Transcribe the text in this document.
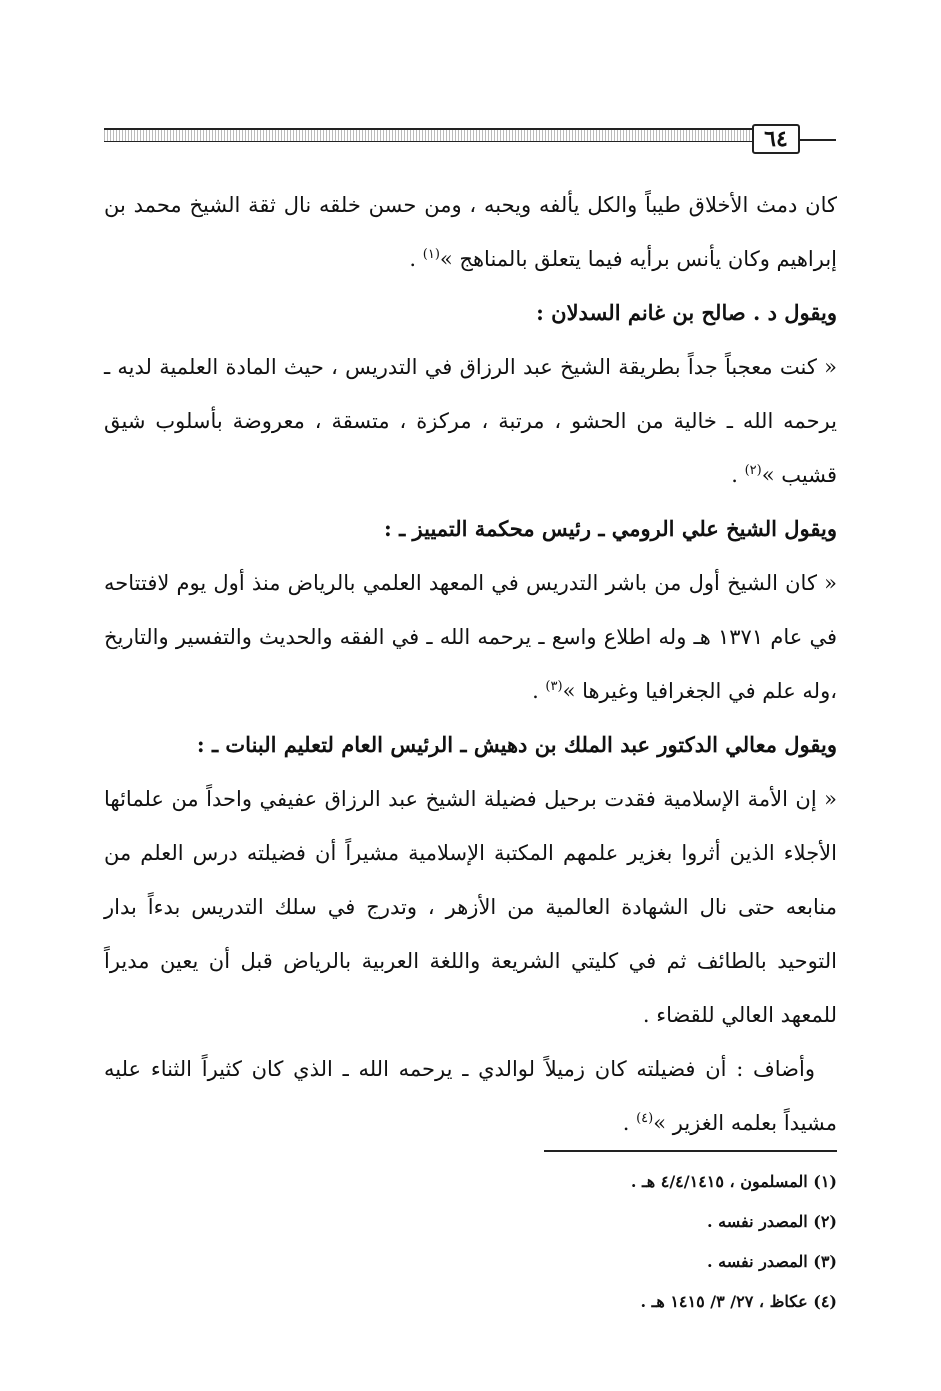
٦٤

كان دمث الأخلاق طيباً والكل يألفه ويحبه ، ومن حسن خلقه نال ثقة الشيخ محمد بن إبراهيم وكان يأنس برأيه فيما يتعلق بالمناهج »$^{(١)}$ .

ويقول د . صالح بن غانم السدلان :

« كنت معجباً جداً بطريقة الشيخ عبد الرزاق في التدريس ، حيث المادة العلمية لديه ـ يرحمه الله ـ خالية من الحشو ، مرتبة ، مركزة ، متسقة ، معروضة بأسلوب شيق قشيب »$^{(٢)}$ .

ويقول الشيخ علي الرومي ـ رئيس محكمة التمييز ـ :

« كان الشيخ أول من باشر التدريس في المعهد العلمي بالرياض منذ أول يوم لافتتاحه في عام ١٣٧١ هـ وله اطلاع واسع ـ يرحمه الله ـ في الفقه والحديث والتفسير والتاريخ ،وله علم في الجغرافيا وغيرها »$^{(٣)}$ .

ويقول معالي الدكتور عبد الملك بن دهيش ـ الرئيس العام لتعليم البنات ـ :

« إن الأمة الإسلامية فقدت برحيل فضيلة الشيخ عبد الرزاق عفيفي واحداً من علمائها الأجلاء الذين أثروا بغزير علمهم المكتبة الإسلامية مشيراً أن فضيلته درس العلم من منابعه حتى نال الشهادة العالمية من الأزهر ، وتدرج في سلك التدريس بدءاً بدار التوحيد بالطائف ثم في كليتي الشريعة واللغة العربية بالرياض قبل أن يعين مديراً للمعهد العالي للقضاء .

وأضاف : أن فضيلته كان زميلاً لوالدي ـ يرحمه الله ـ الذي كان كثيراً الثناء عليه مشيداً بعلمه الغزير »$^{(٤)}$ .

(١) المسلمون ، ٤/٤/١٤١٥ هـ .

(٢) المصدر نفسه .

(٣) المصدر نفسه .

(٤) عكاظ ، ٢٧/ ٣/ ١٤١٥ هـ .
